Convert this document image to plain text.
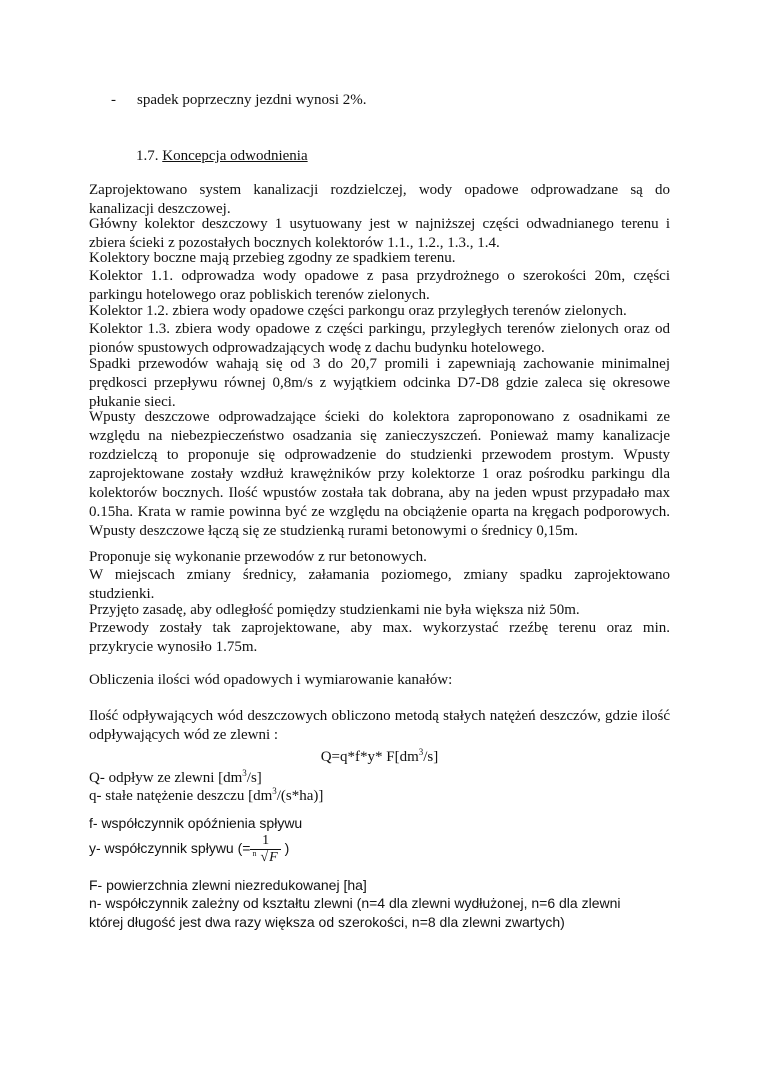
- spadek poprzeczny jezdni wynosi 2%.
1.7. Koncepcja odwodnienia
Zaprojektowano system kanalizacji rozdzielczej, wody opadowe odprowadzane są do kanalizacji deszczowej.
Główny kolektor deszczowy 1 usytuowany jest w najniższej części odwadnianego terenu i zbiera ścieki z pozostałych bocznych kolektorów 1.1., 1.2., 1.3., 1.4.
Kolektory boczne mają przebieg zgodny ze spadkiem terenu.
Kolektor 1.1. odprowadza wody opadowe z pasa przydrożnego o szerokości 20m, części parkingu hotelowego oraz pobliskich terenów zielonych.
Kolektor 1.2. zbiera wody opadowe części parkongu oraz przyległych terenów zielonych.
Kolektor 1.3. zbiera wody opadowe z części parkingu, przyległych terenów zielonych oraz od pionów spustowych odprowadzających wodę z dachu budynku hotelowego.
Spadki przewodów wahają się od 3 do 20,7 promili i zapewniają zachowanie minimalnej prędkosci przepływu równej 0,8m/s z wyjątkiem odcinka D7-D8 gdzie zaleca się okresowe płukanie sieci.
Wpusty deszczowe odprowadzające ścieki do kolektora zaproponowano z osadnikami ze względu na niebezpieczeństwo osadzania się zanieczyszczeń. Ponieważ mamy kanalizacje rozdzielczą to proponuje się odprowadzenie do studzienki przewodem prostym. Wpusty zaprojektowane zostały wzdłuż krawężników przy kolektorze 1 oraz pośrodku parkingu dla kolektorów bocznych. Ilość wpustów została tak dobrana, aby na jeden wpust przypadało max 0.15ha. Krata w ramie powinna być ze względu na obciążenie oparta na kręgach podporowych. Wpusty deszczowe łączą się ze studzienką rurami betonowymi o średnicy 0,15m.
Proponuje się wykonanie przewodów z rur betonowych.
W miejscach zmiany średnicy, załamania poziomego, zmiany spadku zaprojektowano studzienki.
Przyjęto zasadę, aby odległość pomiędzy studzienkami nie była większa niż 50m.
Przewody zostały tak zaprojektowane, aby max. wykorzystać rzeźbę terenu oraz min. przykrycie wynosiło 1.75m.
Obliczenia ilości wód opadowych i wymiarowanie kanałów:
Ilość odpływających wód deszczowych obliczono metodą stałych natężeń deszczów, gdzie ilość odpływających wód ze zlewni :
Q=q*f*y* $F[dm^3/s]$
Q- odpływ ze zlewni $[dm^3/s]$
q- stałe natężenie deszczu $[dm^3/(s*ha)]$
f- współczynnik opóźnienia spływu
y- współczynnik spływu (= $\frac{1}{n √F}$ )
F- powierzchnia zlewni niezredukowanej [ha]
n- współczynnik zależny od kształtu zlewni (n=4 dla zlewni wydłużonej, n=6 dla zlewni której długość jest dwa razy większa od szerokości, n=8 dla zlewni zwartych)
